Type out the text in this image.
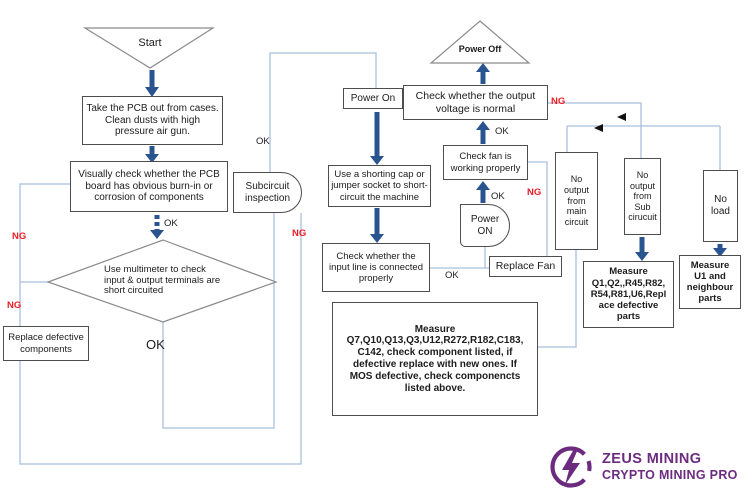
Start
Power Off
Use multimeter to check input & output terminals are short circuited
Take the PCB out from cases. Clean dusts with high pressure air gun.
Visually check whether the PCB board has obvious burn-in or corrosion of components
Replace defective components
Subcircuit inspection
Power On
Use a shorting cap or jumper socket to short-circuit the machine
Check whether the input line is connected properly
Power ON
Replace Fan
Check fan is working properly
Check whether the output voltage is normal
No output from main circuit
No output from Sub cirucuit
No load
Measure
Q1,Q2,,R45,R82, R54,R81,U6,Repl ace defective parts
Measure
U1 and neighbour parts
Measure
Q7,Q10,Q13,Q3,U12,R272,R182,C183, C142, check component listed, if defective replace with new ones. If MOS defective, check componencts listed above.
OK
OK
OK
OK
OK
OK
NG
NG
NG
NG
NG
ZEUS MINING
CRYPTO MINING PRO
